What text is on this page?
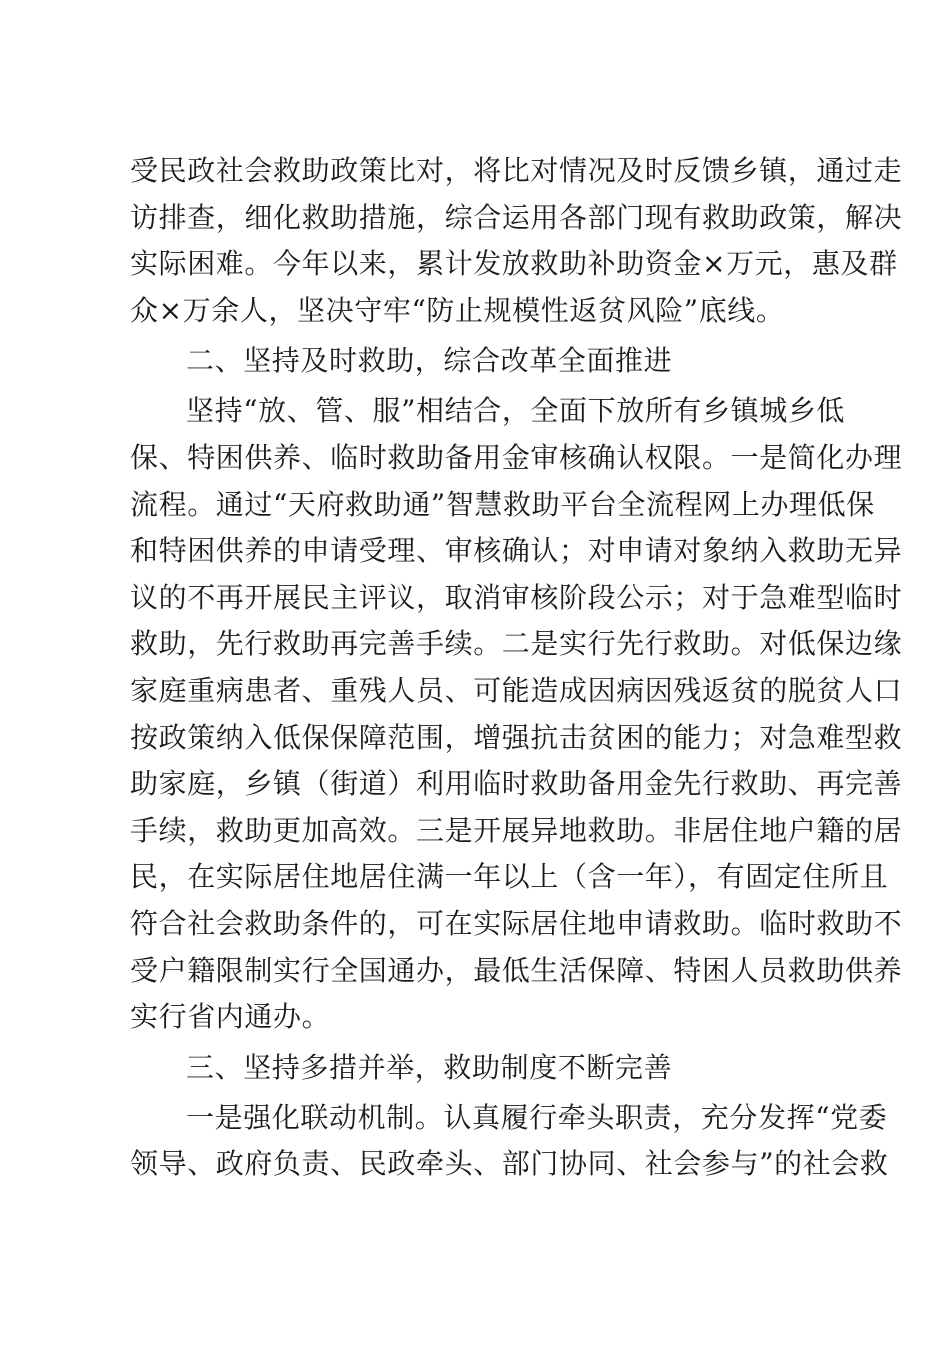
受民政社会救助政策比对，将比对情况及时反馈乡镇，通过走
访排查，细化救助措施，综合运用各部门现有救助政策，解决
实际困难。今年以来，累计发放救助补助资金×万元，惠及群
众×万余人，坚决守牢“防止规模性返贫风险”底线。
二、坚持及时救助，综合改革全面推进
坚持“放、管、服”相结合，全面下放所有乡镇城乡低
保、特困供养、临时救助备用金审核确认权限。一是简化办理
流程。通过“天府救助通”智慧救助平台全流程网上办理低保
和特困供养的申请受理、审核确认；对申请对象纳入救助无异
议的不再开展民主评议，取消审核阶段公示；对于急难型临时
救助，先行救助再完善手续。二是实行先行救助。对低保边缘
家庭重病患者、重残人员、可能造成因病因残返贫的脱贫人口
按政策纳入低保保障范围，增强抗击贫困的能力；对急难型救
助家庭，乡镇（街道）利用临时救助备用金先行救助、再完善
手续，救助更加高效。三是开展异地救助。非居住地户籍的居
民，在实际居住地居住满一年以上（含一年），有固定住所且
符合社会救助条件的，可在实际居住地申请救助。临时救助不
受户籍限制实行全国通办，最低生活保障、特困人员救助供养
实行省内通办。
三、坚持多措并举，救助制度不断完善
一是强化联动机制。认真履行牵头职责，充分发挥“党委
领导、政府负责、民政牵头、部门协同、社会参与”的社会救
